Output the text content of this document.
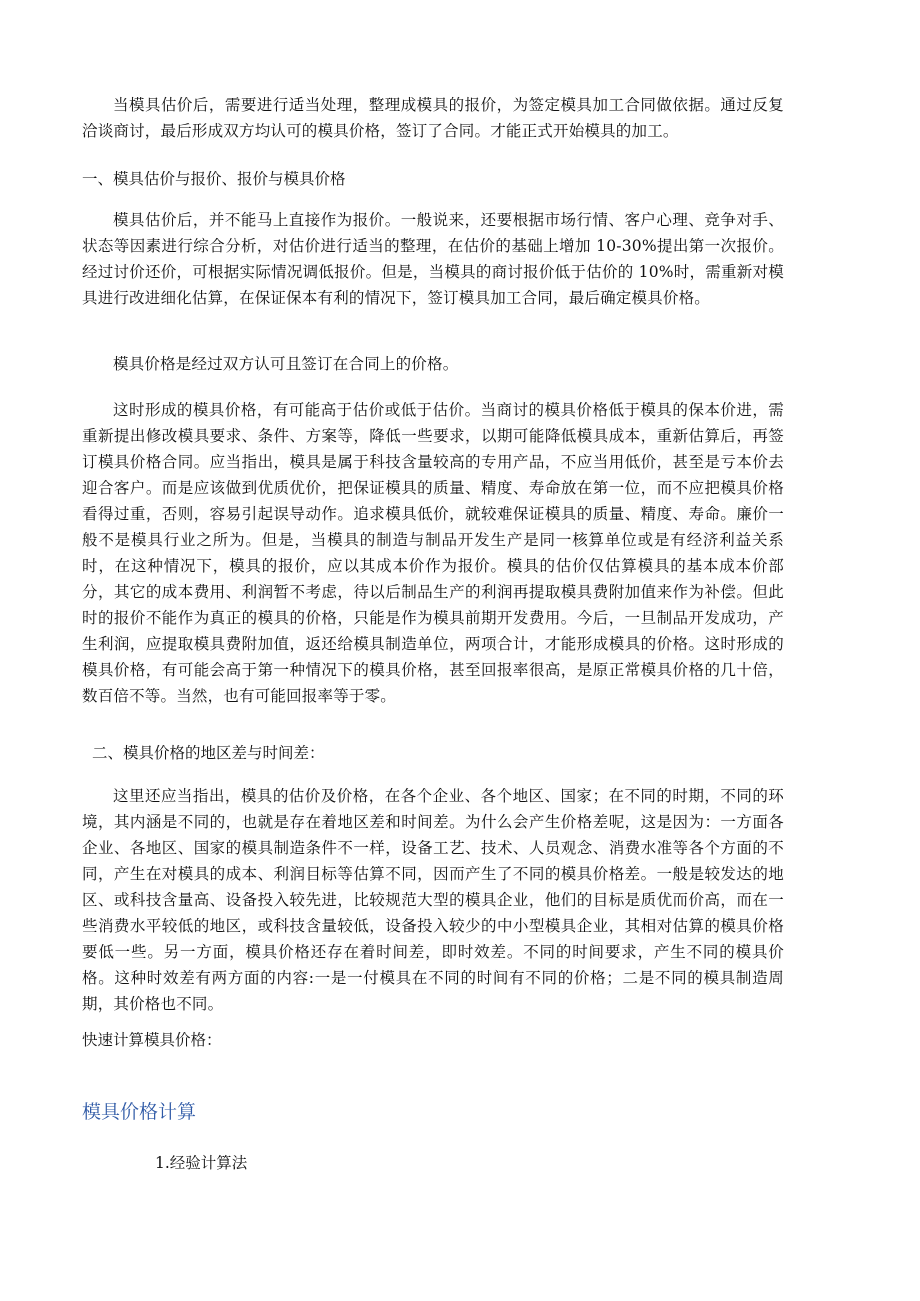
当模具估价后，需要进行适当处理，整理成模具的报价，为签定模具加工合同做依据。通过反复洽谈商讨，最后形成双方均认可的模具价格，签订了合同。才能正式开始模具的加工。

一、模具估价与报价、报价与模具价格

模具估价后，并不能马上直接作为报价。一般说来，还要根据市场行情、客户心理、竞争对手、状态等因素进行综合分析，对估价进行适当的整理，在估价的基础上增加 10-30%提出第一次报价。经过讨价还价，可根据实际情况调低报价。但是，当模具的商讨报价低于估价的 10%时，需重新对模具进行改进细化估算，在保证保本有利的情况下，签订模具加工合同，最后确定模具价格。

模具价格是经过双方认可且签订在合同上的价格。

这时形成的模具价格，有可能高于估价或低于估价。当商讨的模具价格低于模具的保本价进，需重新提出修改模具要求、条件、方案等，降低一些要求，以期可能降低模具成本，重新估算后，再签订模具价格合同。应当指出，模具是属于科技含量较高的专用产品，不应当用低价，甚至是亏本价去迎合客户。而是应该做到优质优价，把保证模具的质量、精度、寿命放在第一位，而不应把模具价格看得过重，否则，容易引起误导动作。追求模具低价，就较难保证模具的质量、精度、寿命。廉价一般不是模具行业之所为。但是，当模具的制造与制品开发生产是同一核算单位或是有经济利益关系时，在这种情况下，模具的报价，应以其成本价作为报价。模具的估价仅估算模具的基本成本价部分，其它的成本费用、利润暂不考虑，待以后制品生产的利润再提取模具费附加值来作为补偿。但此时的报价不能作为真正的模具的价格，只能是作为模具前期开发费用。今后，一旦制品开发成功，产生利润，应提取模具费附加值，返还给模具制造单位，两项合计，才能形成模具的价格。这时形成的模具价格，有可能会高于第一种情况下的模具价格，甚至回报率很高，是原正常模具价格的几十倍，数百倍不等。当然，也有可能回报率等于零。

二、模具价格的地区差与时间差：

这里还应当指出，模具的估价及价格，在各个企业、各个地区、国家；在不同的时期，不同的环境，其内涵是不同的，也就是存在着地区差和时间差。为什么会产生价格差呢，这是因为：一方面各企业、各地区、国家的模具制造条件不一样，设备工艺、技术、人员观念、消费水准等各个方面的不同，产生在对模具的成本、利润目标等估算不同，因而产生了不同的模具价格差。一般是较发达的地区、或科技含量高、设备投入较先进，比较规范大型的模具企业，他们的目标是质优而价高，而在一些消费水平较低的地区，或科技含量较低，设备投入较少的中小型模具企业，其相对估算的模具价格要低一些。另一方面，模具价格还存在着时间差，即时效差。不同的时间要求，产生不同的模具价格。这种时效差有两方面的内容:一是一付模具在不同的时间有不同的价格；二是不同的模具制造周期，其价格也不同。

快速计算模具价格：

模具价格计算

1.经验计算法
